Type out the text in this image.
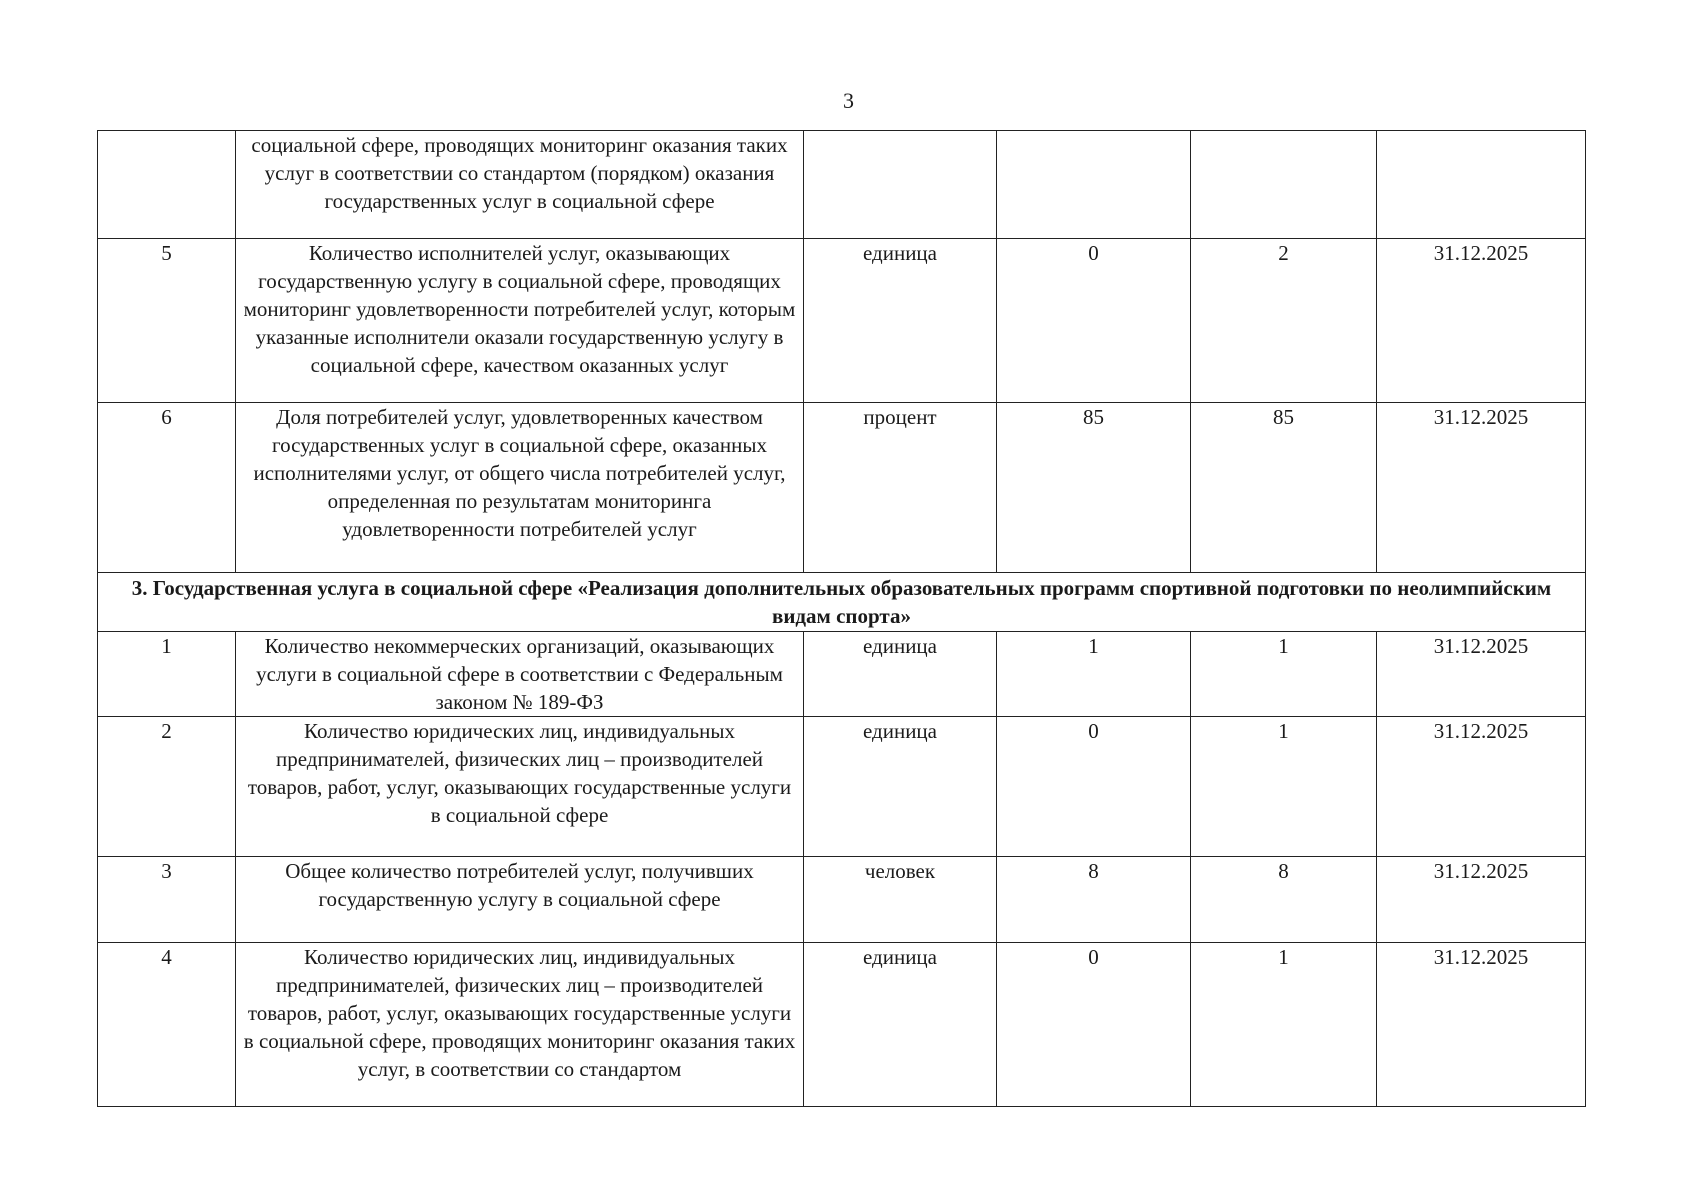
3
	социальной сфере, проводящих мониторинг оказания таких услуг в соответствии со стандартом (порядком) оказания государственных услуг в социальной сфере				
5	Количество исполнителей услуг, оказывающих государственную услугу в социальной сфере, проводящих мониторинг удовлетворенности потребителей услуг, которым указанные исполнители оказали государственную услугу в социальной сфере, качеством оказанных услуг	единица	0	2	31.12.2025
6	Доля потребителей услуг, удовлетворенных качеством государственных услуг в социальной сфере, оказанных исполнителями услуг, от общего числа потребителей услуг, определенная по результатам мониторинга удовлетворенности потребителей услуг	процент	85	85	31.12.2025
3. Государственная услуга в социальной сфере «Реализация дополнительных образовательных программ спортивной подготовки по неолимпийским видам спорта»					
1	Количество некоммерческих организаций, оказывающих услуги в социальной сфере в соответствии с Федеральным законом № 189-ФЗ	единица	1	1	31.12.2025
2	Количество юридических лиц, индивидуальных предпринимателей, физических лиц – производителей товаров, работ, услуг, оказывающих государственные услуги в социальной сфере	единица	0	1	31.12.2025
3	Общее количество потребителей услуг, получивших государственную услугу в социальной сфере	человек	8	8	31.12.2025
4	Количество юридических лиц, индивидуальных предпринимателей, физических лиц – производителей товаров, работ, услуг, оказывающих государственные услуги в социальной сфере, проводящих мониторинг оказания таких услуг, в соответствии со стандартом	единица	0	1	31.12.2025
